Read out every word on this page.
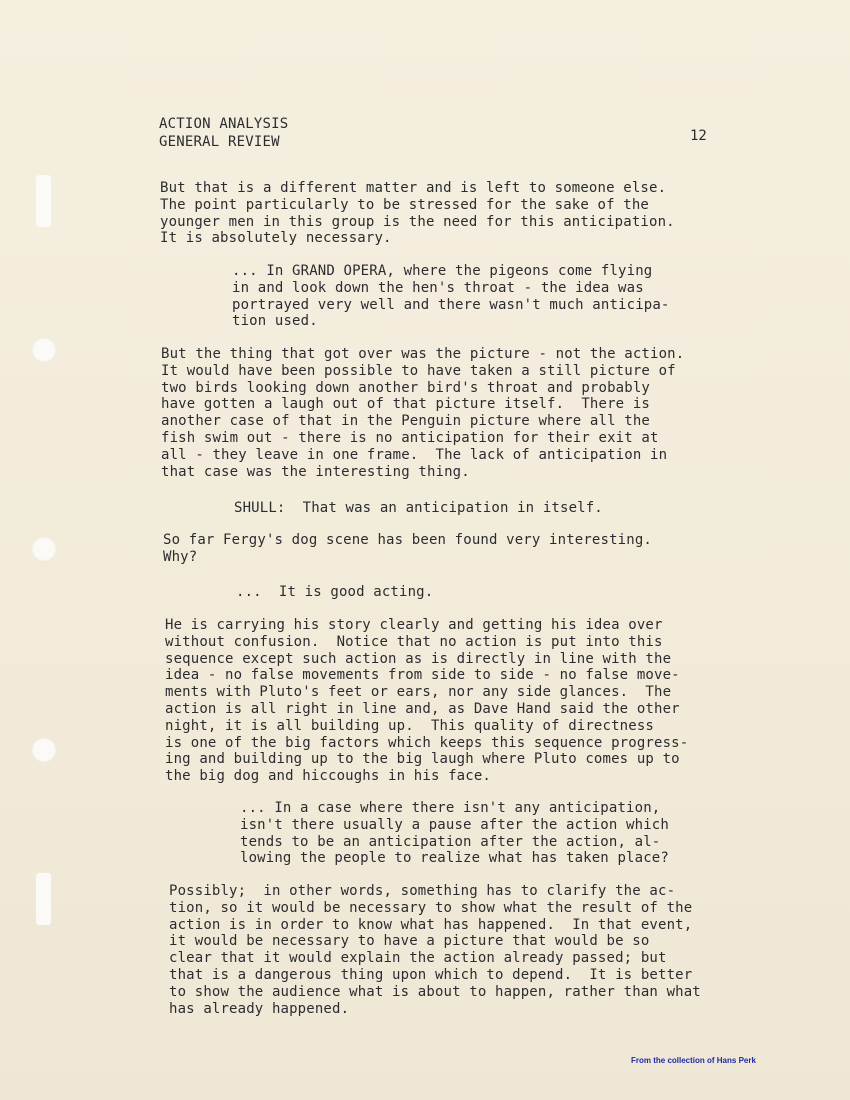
ACTION ANALYSIS
GENERAL REVIEW	12

But that is a different matter and is left to someone else.
The point particularly to be stressed for the sake of the
younger men in this group is the need for this anticipation.
It is absolutely necessary.

... In GRAND OPERA, where the pigeons come flying
in and look down the hen's throat - the idea was
portrayed very well and there wasn't much anticipa-
tion used.

But the thing that got over was the picture - not the action.
It would have been possible to have taken a still picture of
two birds looking down another bird's throat and probably
have gotten a laugh out of that picture itself.  There is
another case of that in the Penguin picture where all the
fish swim out - there is no anticipation for their exit at
all - they leave in one frame.  The lack of anticipation in
that case was the interesting thing.

SHULL:  That was an anticipation in itself.

So far Fergy's dog scene has been found very interesting.
Why?

...  It is good acting.

He is carrying his story clearly and getting his idea over
without confusion.  Notice that no action is put into this
sequence except such action as is directly in line with the
idea - no false movements from side to side - no false move-
ments with Pluto's feet or ears, nor any side glances.  The
action is all right in line and, as Dave Hand said the other
night, it is all building up.  This quality of directness
is one of the big factors which keeps this sequence progress-
ing and building up to the big laugh where Pluto comes up to
the big dog and hiccoughs in his face.

... In a case where there isn't any anticipation,
isn't there usually a pause after the action which
tends to be an anticipation after the action, al-
lowing the people to realize what has taken place?

Possibly;  in other words, something has to clarify the ac-
tion, so it would be necessary to show what the result of the
action is in order to know what has happened.  In that event,
it would be necessary to have a picture that would be so
clear that it would explain the action already passed; but
that is a dangerous thing upon which to depend.  It is better
to show the audience what is about to happen, rather than what
has already happened.

From the collection of Hans Perk
